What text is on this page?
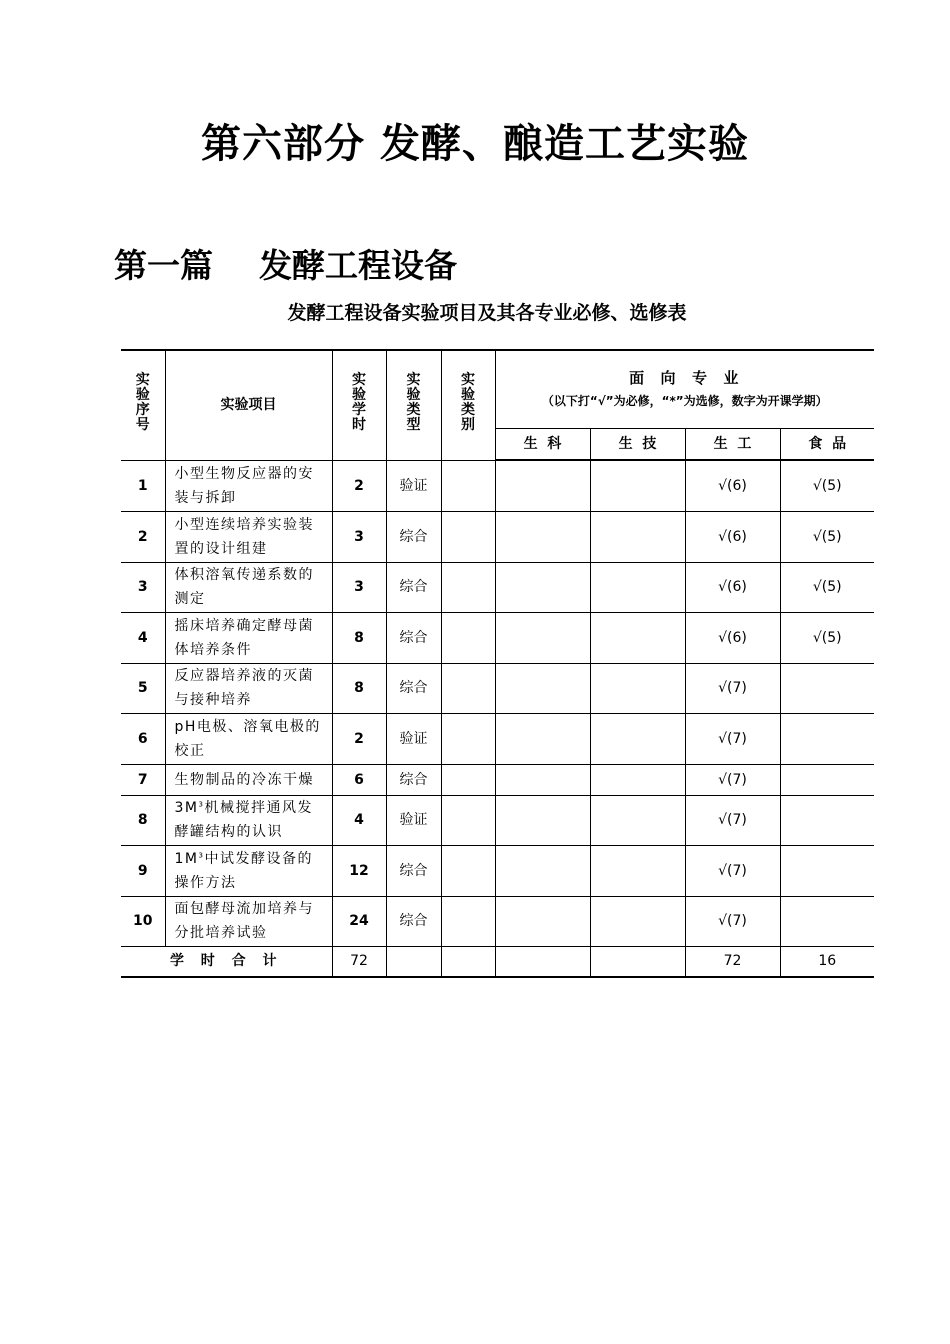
第六部分 发酵、酿造工艺实验
第一篇    发酵工程设备
发酵工程设备实验项目及其各专业必修、选修表
实验序号	实验项目	实验学时	实验类型	实验类别	面  向  专  业
（以下打“√”为必修，“*”为选修，数字为开课学期）			

					生  科	生  技	生  工	食  品
1	小型生物反应器的安装与拆卸	2	验证				√(6)	√(5)
2	小型连续培养实验装置的设计组建	3	综合				√(6)	√(5)
3	体积溶氧传递系数的测定	3	综合				√(6)	√(5)
4	摇床培养确定酵母菌体培养条件	8	综合				√(6)	√(5)
5	反应器培养液的灭菌与接种培养	8	综合				√(7)	
6	pH电极、溶氧电极的校正	2	验证				√(7)	
7	生物制品的冷冻干燥	6	综合				√(7)	
8	$3M^3$机械搅拌通风发酵罐结构的认识	4	验证				√(7)	
9	$1M^3$中试发酵设备的操作方法	12	综合				√(7)	
10	面包酵母流加培养与分批培养试验	24	综合				√(7)	
学 时 合 计		72					72	16
